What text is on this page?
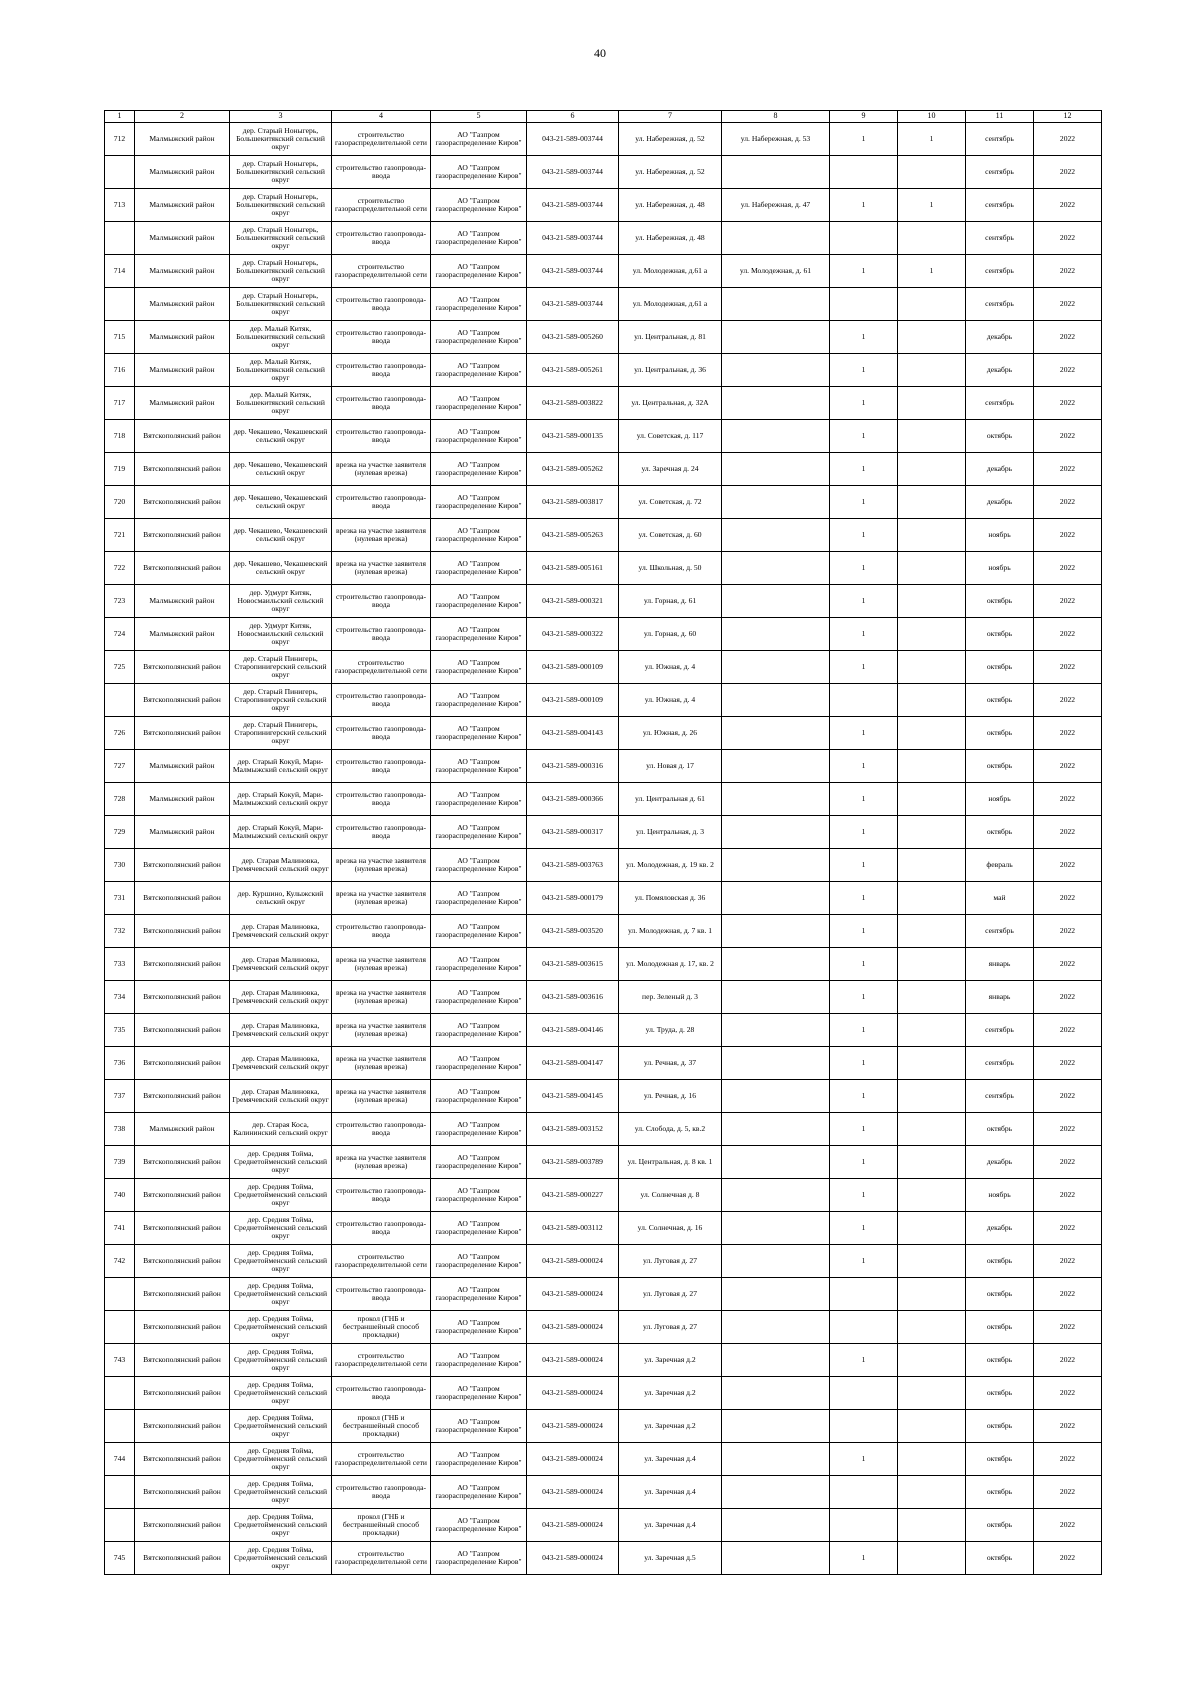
40
1	2	3	4	5	6	7	8	9	10	11	12
712	Малмыжский район	дер. Старый Ноныгерь, Большекитякский сельский округ	строительство газораспределительной сети	АО "Газпром газораспределение Киров"	043-21-589-003744	ул. Набережная, д. 52	ул. Набережная, д. 53	1	1	сентябрь	2022
	Малмыжский район	дер. Старый Ноныгерь, Большекитякский сельский округ	строительство газопровода-ввода	АО "Газпром газораспределение Киров"	043-21-589-003744	ул. Набережная, д. 52				сентябрь	2022
713	Малмыжский район	дер. Старый Ноныгерь, Большекитякский сельский округ	строительство газораспределительной сети	АО "Газпром газораспределение Киров"	043-21-589-003744	ул. Набережная, д. 48	ул. Набережная, д. 47	1	1	сентябрь	2022
	Малмыжский район	дер. Старый Ноныгерь, Большекитякский сельский округ	строительство газопровода-ввода	АО "Газпром газораспределение Киров"	043-21-589-003744	ул. Набережная, д. 48				сентябрь	2022
714	Малмыжский район	дер. Старый Ноныгерь, Большекитякский сельский округ	строительство газораспределительной сети	АО "Газпром газораспределение Киров"	043-21-589-003744	ул. Молодежная, д.61 а	ул. Молодежная, д. 61	1	1	сентябрь	2022
	Малмыжский район	дер. Старый Ноныгерь, Большекитякский сельский округ	строительство газопровода-ввода	АО "Газпром газораспределение Киров"	043-21-589-003744	ул. Молодежная, д.61 а				сентябрь	2022
715	Малмыжский район	дер. Малый Китяк, Большекитякский сельский округ	строительство газопровода-ввода	АО "Газпром газораспределение Киров"	043-21-589-005260	ул. Центральная, д. 81		1		декабрь	2022
716	Малмыжский район	дер. Малый Китяк, Большекитякский сельский округ	строительство газопровода-ввода	АО "Газпром газораспределение Киров"	043-21-589-005261	ул. Центральная, д. 36		1		декабрь	2022
717	Малмыжский район	дер. Малый Китяк, Большекитякский сельский округ	строительство газопровода-ввода	АО "Газпром газораспределение Киров"	043-21-589-003822	ул. Центральная, д. 32А		1		сентябрь	2022
718	Вятскополянский район	дер. Чекашево, Чекашевский сельский округ	строительство газопровода-ввода	АО "Газпром газораспределение Киров"	043-21-589-000135	ул. Советская, д. 117		1		октябрь	2022
719	Вятскополянский район	дер. Чекашево, Чекашевский сельский округ	врезка на участке заявителя (нулевая врезка)	АО "Газпром газораспределение Киров"	043-21-589-005262	ул. Заречная д. 24		1		декабрь	2022
720	Вятскополянский район	дер. Чекашево, Чекашевский сельский округ	строительство газопровода-ввода	АО "Газпром газораспределение Киров"	043-21-589-003817	ул. Советская, д. 72		1		декабрь	2022
721	Вятскополянский район	дер. Чекашево, Чекашевский сельский округ	врезка на участке заявителя (нулевая врезка)	АО "Газпром газораспределение Киров"	043-21-589-005263	ул. Советская, д. 60		1		ноябрь	2022
722	Вятскополянский район	дер. Чекашево, Чекашевский сельский округ	врезка на участке заявителя (нулевая врезка)	АО "Газпром газораспределение Киров"	043-21-589-005161	ул. Школьная, д. 50		1		ноябрь	2022
723	Малмыжский район	дер. Удмурт Китяк, Новосмаильский сельский округ	строительство газопровода-ввода	АО "Газпром газораспределение Киров"	043-21-589-000321	ул. Горная, д. 61		1		октябрь	2022
724	Малмыжский район	дер. Удмурт Китяк, Новосмаильский сельский округ	строительство газопровода-ввода	АО "Газпром газораспределение Киров"	043-21-589-000322	ул. Горная, д. 60		1		октябрь	2022
725	Вятскополянский район	дер. Старый Пинигерь, Старопинигерский сельский округ	строительство газораспределительной сети	АО "Газпром газораспределение Киров"	043-21-589-000109	ул. Южная, д. 4		1		октябрь	2022
	Вятскополянский район	дер. Старый Пинигерь, Старопинигерский сельский округ	строительство газопровода-ввода	АО "Газпром газораспределение Киров"	043-21-589-000109	ул. Южная, д. 4				октябрь	2022
726	Вятскополянский район	дер. Старый Пинигерь, Старопинигерский сельский округ	строительство газопровода-ввода	АО "Газпром газораспределение Киров"	043-21-589-004143	ул. Южная, д. 26		1		октябрь	2022
727	Малмыжский район	дер. Старый Кокуй, Мари-Малмыжский сельский округ	строительство газопровода-ввода	АО "Газпром газораспределение Киров"	043-21-589-000316	ул. Новая д. 17		1		октябрь	2022
728	Малмыжский район	дер. Старый Кокуй, Мари-Малмыжский сельский округ	строительство газопровода-ввода	АО "Газпром газораспределение Киров"	043-21-589-000366	ул. Центральная д. 61		1		ноябрь	2022
729	Малмыжский район	дер. Старый Кокуй, Мари-Малмыжский сельский округ	строительство газопровода-ввода	АО "Газпром газораспределение Киров"	043-21-589-000317	ул. Центральная, д. 3		1		октябрь	2022
730	Вятскополянский район	дер. Старая Малиновка, Гремячевский сельский округ	врезка на участке заявителя (нулевая врезка)	АО "Газпром газораспределение Киров"	043-21-589-003763	ул. Молодежная, д. 19 кв. 2		1		февраль	2022
731	Вятскополянский район	дер. Куршино, Кулыжский сельский округ	врезка на участке заявителя (нулевая врезка)	АО "Газпром газораспределение Киров"	043-21-589-000179	ул. Помяловская д. 36		1		май	2022
732	Вятскополянский район	дер. Старая Малиновка, Гремячевский сельский округ	строительство газопровода-ввода	АО "Газпром газораспределение Киров"	043-21-589-003520	ул. Молодежная, д. 7 кв. 1		1		сентябрь	2022
733	Вятскополянский район	дер. Старая Малиновка, Гремячевский сельский округ	врезка на участке заявителя (нулевая врезка)	АО "Газпром газораспределение Киров"	043-21-589-003615	ул. Молодежная д. 17, кв. 2		1		январь	2022
734	Вятскополянский район	дер. Старая Малиновка, Гремячевский сельский округ	врезка на участке заявителя (нулевая врезка)	АО "Газпром газораспределение Киров"	043-21-589-003616	пер. Зеленый д. 3		1		январь	2022
735	Вятскополянский район	дер. Старая Малиновка, Гремячевский сельский округ	врезка на участке заявителя (нулевая врезка)	АО "Газпром газораспределение Киров"	043-21-589-004146	ул. Труда, д. 28		1		сентябрь	2022
736	Вятскополянский район	дер. Старая Малиновка, Гремячевский сельский округ	врезка на участке заявителя (нулевая врезка)	АО "Газпром газораспределение Киров"	043-21-589-004147	ул. Речная, д. 37		1		сентябрь	2022
737	Вятскополянский район	дер. Старая Малиновка, Гремячевский сельский округ	врезка на участке заявителя (нулевая врезка)	АО "Газпром газораспределение Киров"	043-21-589-004145	ул. Речная, д. 16		1		сентябрь	2022
738	Малмыжский район	дер. Старая Коса, Калининский сельский округ	строительство газопровода-ввода	АО "Газпром газораспределение Киров"	043-21-589-003152	ул. Слобода, д. 5, кв.2		1		октябрь	2022
739	Вятскополянский район	дер. Средняя Тойма, Среднетойменский сельский округ	врезка на участке заявителя (нулевая врезка)	АО "Газпром газораспределение Киров"	043-21-589-003789	ул. Центральная, д. 8 кв. 1		1		декабрь	2022
740	Вятскополянский район	дер. Средняя Тойма, Среднетойменский сельский округ	строительство газопровода-ввода	АО "Газпром газораспределение Киров"	043-21-589-000227	ул. Солнечная д. 8		1		ноябрь	2022
741	Вятскополянский район	дер. Средняя Тойма, Среднетойменский сельский округ	строительство газопровода-ввода	АО "Газпром газораспределение Киров"	043-21-589-003112	ул. Солнечная, д. 16		1		декабрь	2022
742	Вятскополянский район	дер. Средняя Тойма, Среднетойменский сельский округ	строительство газораспределительной сети	АО "Газпром газораспределение Киров"	043-21-589-000024	ул. Луговая д. 27		1		октябрь	2022
	Вятскополянский район	дер. Средняя Тойма, Среднетойменский сельский округ	строительство газопровода-ввода	АО "Газпром газораспределение Киров"	043-21-589-000024	ул. Луговая д. 27				октябрь	2022
	Вятскополянский район	дер. Средняя Тойма, Среднетойменский сельский округ	прокол (ГНБ и бестраншейный способ прокладки)	АО "Газпром газораспределение Киров"	043-21-589-000024	ул. Луговая д. 27				октябрь	2022
743	Вятскополянский район	дер. Средняя Тойма, Среднетойменский сельский округ	строительство газораспределительной сети	АО "Газпром газораспределение Киров"	043-21-589-000024	ул. Заречная д.2		1		октябрь	2022
	Вятскополянский район	дер. Средняя Тойма, Среднетойменский сельский округ	строительство газопровода-ввода	АО "Газпром газораспределение Киров"	043-21-589-000024	ул. Заречная д.2				октябрь	2022
	Вятскополянский район	дер. Средняя Тойма, Среднетойменский сельский округ	прокол (ГНБ и бестраншейный способ прокладки)	АО "Газпром газораспределение Киров"	043-21-589-000024	ул. Заречная д.2				октябрь	2022
744	Вятскополянский район	дер. Средняя Тойма, Среднетойменский сельский округ	строительство газораспределительной сети	АО "Газпром газораспределение Киров"	043-21-589-000024	ул. Заречная д.4		1		октябрь	2022
	Вятскополянский район	дер. Средняя Тойма, Среднетойменский сельский округ	строительство газопровода-ввода	АО "Газпром газораспределение Киров"	043-21-589-000024	ул. Заречная д.4				октябрь	2022
	Вятскополянский район	дер. Средняя Тойма, Среднетойменский сельский округ	прокол (ГНБ и бестраншейный способ прокладки)	АО "Газпром газораспределение Киров"	043-21-589-000024	ул. Заречная д.4				октябрь	2022
745	Вятскополянский район	дер. Средняя Тойма, Среднетойменский сельский округ	строительство газораспределительной сети	АО "Газпром газораспределение Киров"	043-21-589-000024	ул. Заречная д.5		1		октябрь	2022
